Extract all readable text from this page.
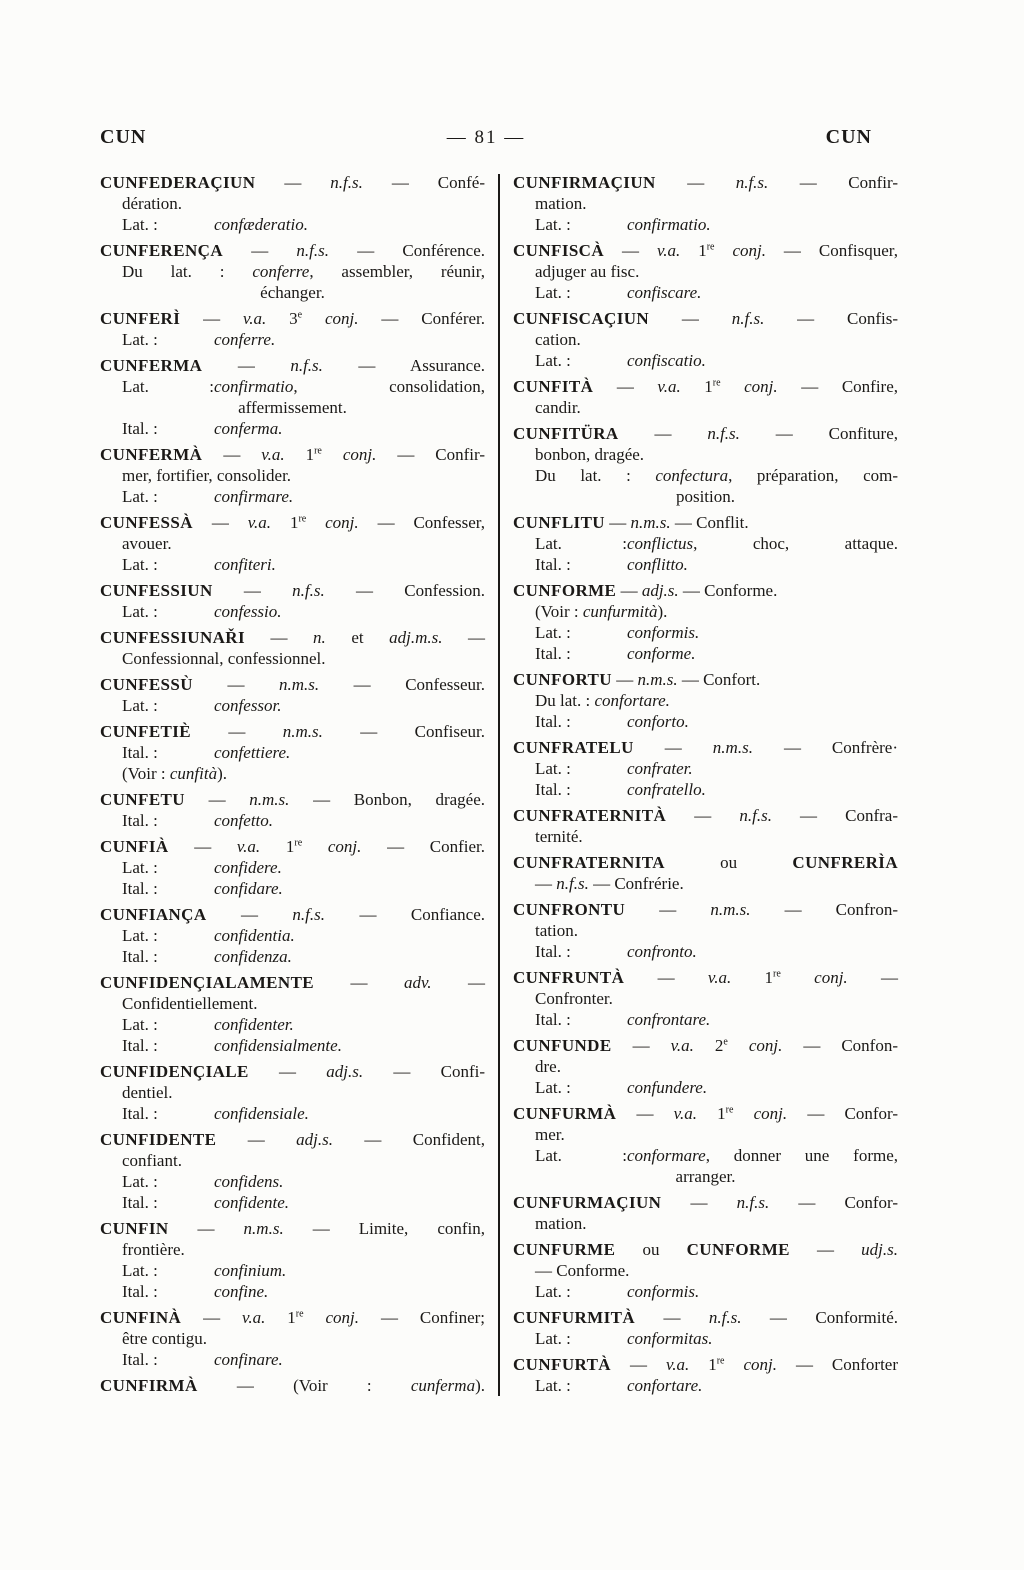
CUN	— 81 —	CUN
CUNFEDERAÇIUN — n.f.s. — Confé-
dération.
Lat. :	confæderatio.
CUNFERENÇA — n.f.s. — Conférence.
Du lat. : conferre, assembler, réunir,
échanger.
CUNFERÌ — v.a. 3e conj. — Conférer.
Lat. :	conferre.
CUNFERMA — n.f.s. — Assurance.
Lat. :confirmatio, consolidation,
affermissement.
Ital. :	conferma.
CUNFERMÀ — v.a. 1re conj. — Confir-
mer, fortifier, consolider.
Lat. :	confirmare.
CUNFESSÀ — v.a. 1re conj. — Confesser,
avouer.
Lat. :	confiteri.
CUNFESSIUN — n.f.s. — Confession.
Lat. :	confessio.
CUNFESSIUNAŘI — n. et adj.m.s. —
Confessionnal, confessionnel.
CUNFESSÙ — n.m.s. — Confesseur.
Lat. :	confessor.
CUNFETIÈ — n.m.s. — Confiseur.
Ital. :	confettiere.
(Voir : cunfità).
CUNFETU — n.m.s. — Bonbon, dragée.
Ital. :	confetto.
CUNFIÀ — v.a. 1re conj. — Confier.
Lat. :	confidere.
Ital. :	confidare.
CUNFIANÇA — n.f.s. — Confiance.
Lat. :	confidentia.
Ital. :	confidenza.
CUNFIDENÇIALAMENTE — adv. —
Confidentiellement.
Lat. :	confidenter.
Ital. :	confidensialmente.
CUNFIDENÇIALE — adj.s. — Confi-
dentiel.
Ital. :	confidensiale.
CUNFIDENTE — adj.s. — Confident,
confiant.
Lat. :	confidens.
Ital. :	confidente.
CUNFIN — n.m.s. — Limite, confin,
frontière.
Lat. :	confinium.
Ital. :	confine.
CUNFINÀ — v.a. 1re conj. — Confiner;
être contigu.
Ital. :	confinare.
CUNFIRMÀ — (Voir : cunferma).
CUNFIRMAÇIUN — n.f.s. — Confir-
mation.
Lat. :	confirmatio.
CUNFISCÀ — v.a. 1re conj. — Confisquer,
adjuger au fisc.
Lat. :	confiscare.
CUNFISCAÇIUN — n.f.s. — Confis-
cation.
Lat. :	confiscatio.
CUNFITÀ — v.a. 1re conj. — Confire,
candir.
CUNFITÜRA — n.f.s. — Confiture,
bonbon, dragée.
Du lat. : confectura, préparation, com-
position.
CUNFLITU — n.m.s. — Conflit.
Lat. :conflictus, choc, attaque.
Ital. :	conflitto.
CUNFORME — adj.s. — Conforme.
(Voir : cunfurmità).
Lat. :	conformis.
Ital. :	conforme.
CUNFORTU — n.m.s. — Confort.
Du lat. : confortare.
Ital. :	conforto.
CUNFRATELU — n.m.s. — Confrère·
Lat. :	confrater.
Ital. :	confratello.
CUNFRATERNITÀ — n.f.s. — Confra-
ternité.
CUNFRATERNITA ou CUNFRERÌA
— n.f.s. — Confrérie.
CUNFRONTU — n.m.s. — Confron-
tation.
Ital. :	confronto.
CUNFRUNTÀ — v.a. 1re conj. —
Confronter.
Ital. :	confrontare.
CUNFUNDE — v.a. 2e conj. — Confon-
dre.
Lat. :	confundere.
CUNFURMÀ — v.a. 1re conj. — Confor-
mer.
Lat. :conformare, donner une forme,
arranger.
CUNFURMAÇIUN — n.f.s. — Confor-
mation.
CUNFURME ou CUNFORME — udj.s.
— Conforme.
Lat. :	conformis.
CUNFURMITÀ — n.f.s. — Conformité.
Lat. :	conformitas.
CUNFURTÀ — v.a. 1re conj. — Conforter
Lat. :	confortare.
